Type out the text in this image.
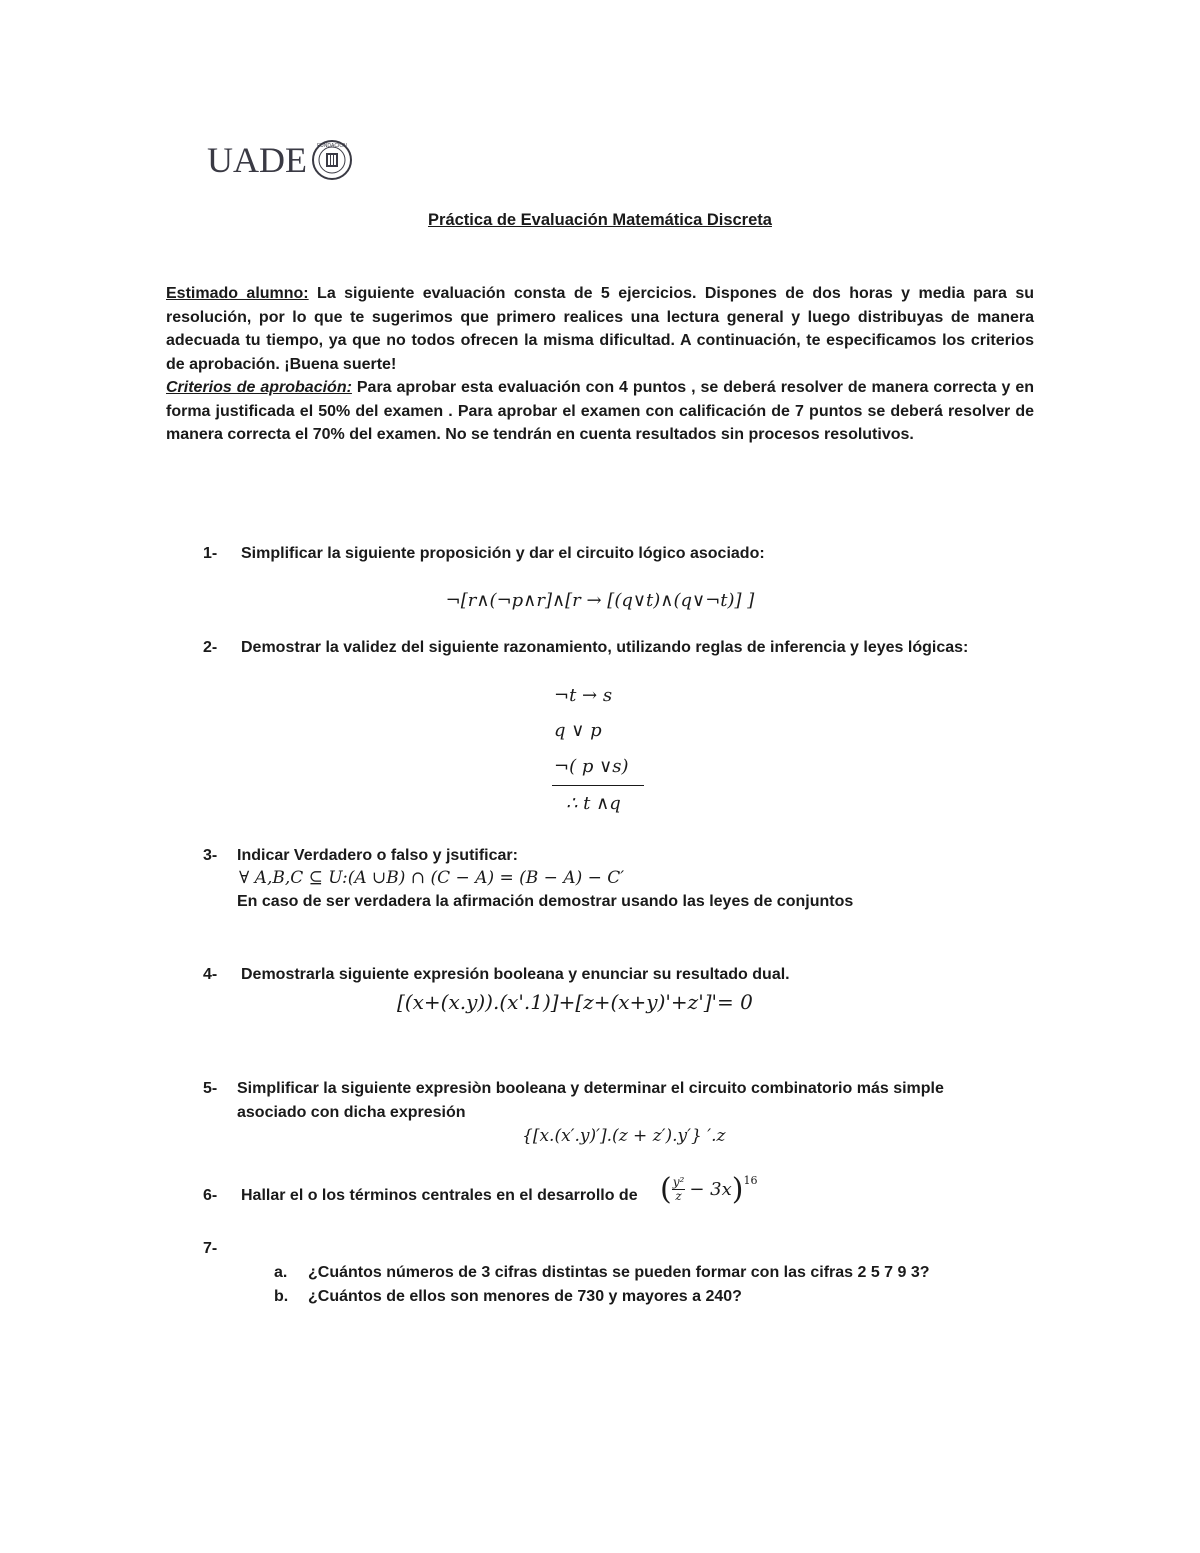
UADE FUNDACION
Práctica de Evaluación Matemática Discreta
Estimado alumno: La siguiente evaluación consta de 5 ejercicios. Dispones de dos horas y media para su resolución, por lo que te sugerimos que primero realices una lectura general y luego distribuyas de manera adecuada tu tiempo, ya que no todos ofrecen la misma dificultad. A continuación, te especificamos los criterios de aprobación. ¡Buena suerte!
Criterios de aprobación: Para aprobar esta evaluación con 4 puntos , se deberá resolver de manera correcta y en forma justificada el 50% del examen . Para aprobar el examen con calificación de 7 puntos se deberá resolver de manera correcta el 70% del examen. No se tendrán en cuenta resultados sin procesos resolutivos.
1- Simplificar la siguiente proposición y dar el circuito lógico asociado:
¬[r∧(¬p∧r]∧[r → [(q∨t)∧(q∨¬t)] ]
2- Demostrar la validez del siguiente razonamiento, utilizando reglas de inferencia y leyes lógicas:
¬t → s
q ∨ p
¬( p ∨s)
∴ t ∧q
3- Indicar Verdadero o falso y jsutificar:
∀ A,B,C ⊆ U:(A ∪B) ∩ (C − A) = (B − A) − C′
En caso de ser verdadera la afirmación demostrar usando las leyes de conjuntos
4- Demostrarla siguiente expresión booleana y enunciar su resultado dual.
[(x+(x.y)).(x'.1)]+[z+(x+y)'+z']'= 0
5- Simplificar la siguiente expresiòn booleana y determinar el circuito combinatorio más simple
asociado con dicha expresión
{[x.(x′.y)′].(z + z′).y′} ′.z
6- Hallar el o los términos centrales en el desarrollo de ( $\frac{\text{y²}}{z} - 3x$ ) 16
7-
a. ¿Cuántos números de 3 cifras distintas se pueden formar con las cifras 2 5 7 9 3?
b. ¿Cuántos de ellos son menores de 730 y mayores a 240?
